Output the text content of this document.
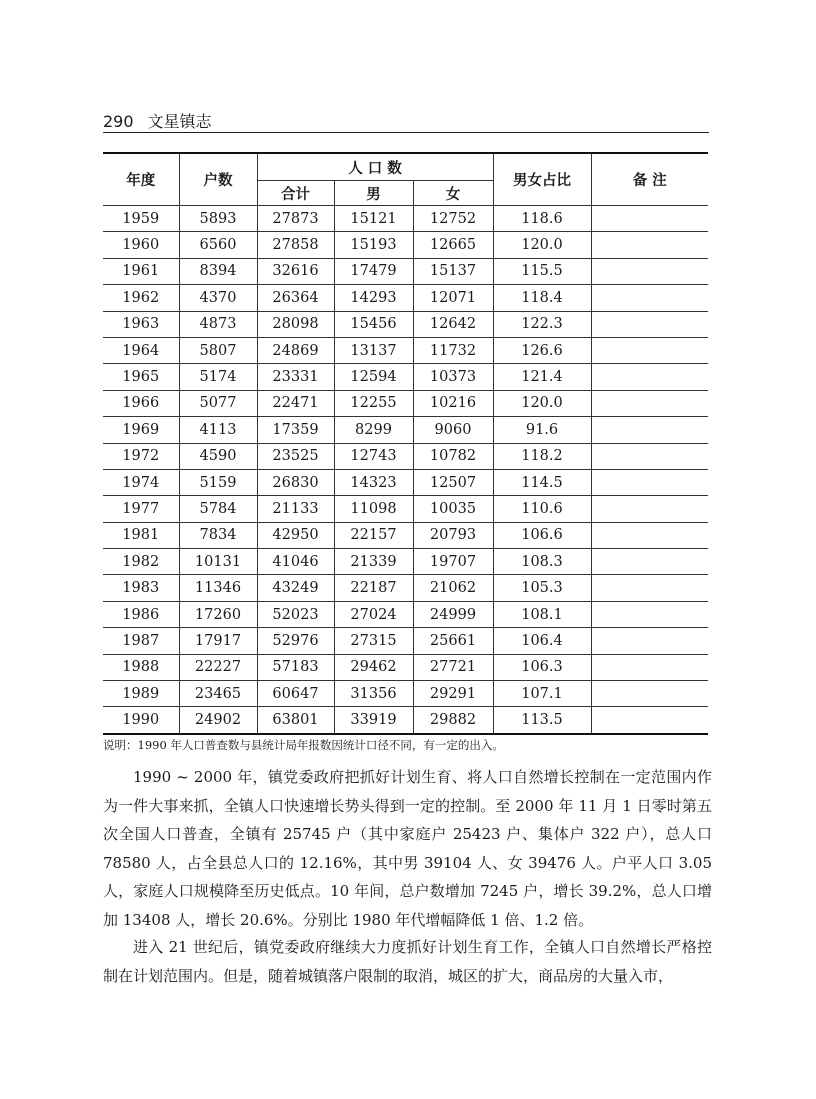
290 文星镇志
年度	户数	人 口 数			男女占比	备 注
		合计	男	女		
1959	5893	27873	15121	12752	118.6	
1960	6560	27858	15193	12665	120.0	
1961	8394	32616	17479	15137	115.5	
1962	4370	26364	14293	12071	118.4	
1963	4873	28098	15456	12642	122.3	
1964	5807	24869	13137	11732	126.6	
1965	5174	23331	12594	10373	121.4	
1966	5077	22471	12255	10216	120.0	
1969	4113	17359	8299	9060	91.6	
1972	4590	23525	12743	10782	118.2	
1974	5159	26830	14323	12507	114.5	
1977	5784	21133	11098	10035	110.6	
1981	7834	42950	22157	20793	106.6	
1982	10131	41046	21339	19707	108.3	
1983	11346	43249	22187	21062	105.3	
1986	17260	52023	27024	24999	108.1	
1987	17917	52976	27315	25661	106.4	
1988	22227	57183	29462	27721	106.3	
1989	23465	60647	31356	29291	107.1	
1990	24902	63801	33919	29882	113.5	
说明：1990 年人口普查数与县统计局年报数因统计口径不同，有一定的出入。

1990 ~ 2000 年，镇党委政府把抓好计划生育、将人口自然增长控制在一定范围内作为一件大事来抓，全镇人口快速增长势头得到一定的控制。至 2000 年 11 月 1 日零时第五次全国人口普查，全镇有 25745 户（其中家庭户 25423 户、集体户 322 户），总人口 78580 人，占全县总人口的 12.16%，其中男 39104 人、女 39476 人。户平人口 3.05 人，家庭人口规模降至历史低点。10 年间，总户数增加 7245 户，增长 39.2%，总人口增加 13408 人，增长 20.6%。分别比 1980 年代增幅降低 1 倍、1.2 倍。

进入 21 世纪后，镇党委政府继续大力度抓好计划生育工作，全镇人口自然增长严格控制在计划范围内。但是，随着城镇落户限制的取消，城区的扩大，商品房的大量入市，
